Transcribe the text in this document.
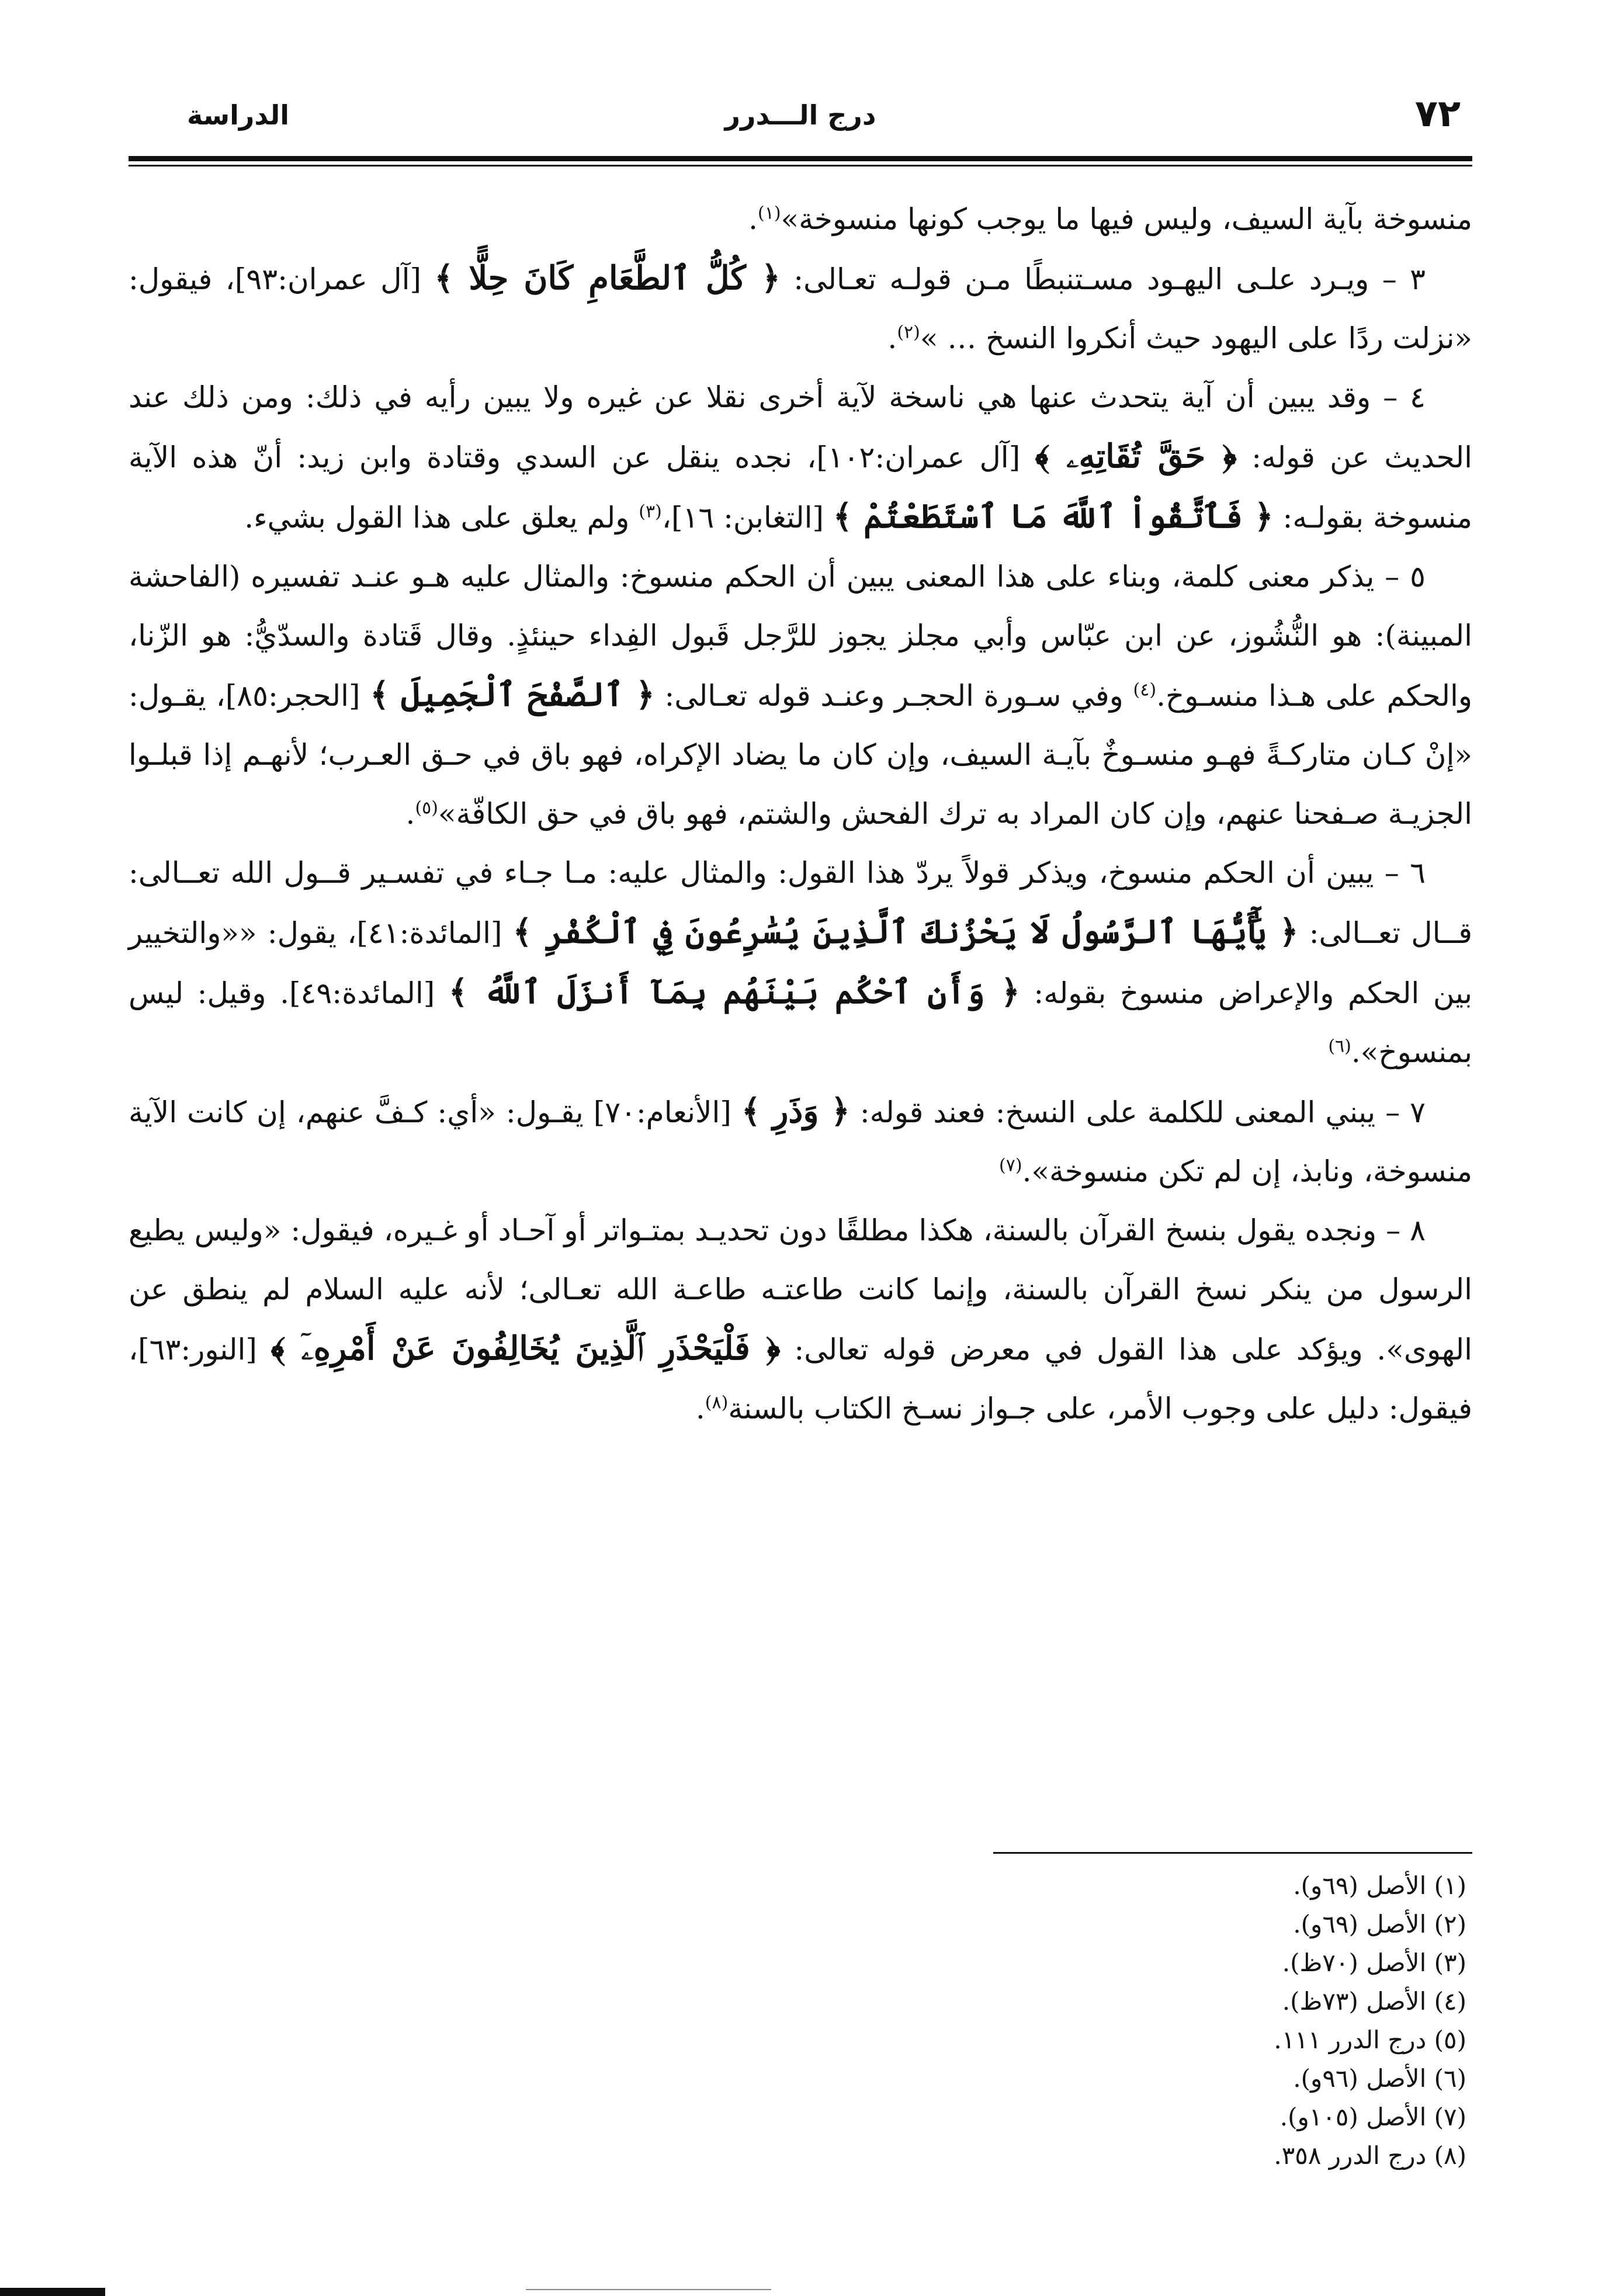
٧٢
درج الـــدرر
الدراسة

منسوخة بآية السيف، وليس فيها ما يوجب كونها منسوخة»$^{(١)}$.

٣ – ويـرد علـى اليهـود مسـتنبطًا مـن قولـه تعـالى: ﴿ كُلُّ ٱلطَّعَامِ كَانَ حِلًّا ﴾ [آل عمران:٩٣]، فيقول: «نزلت ردًا على اليهود حيث أنكروا النسخ … »$^{(٢)}$.

٤ – وقد يبين أن آية يتحدث عنها هي ناسخة لآية أخرى نقلا عن غيره ولا يبين رأيه في ذلك: ومن ذلك عند الحديث عن قوله: ﴿ حَقَّ تُقَاتِهِۦ ﴾ [آل عمران:١٠٢]، نجده ينقل عن السدي وقتادة وابن زيد: أنّ هذه الآية منسوخة بقولـه: ﴿ فَٱتَّقُواْ ٱللَّهَ مَا ٱسْتَطَعْتُمْ ﴾ [التغابن: ١٦]،$^{(٣)}$ ولم يعلق على هذا القول بشيء.

٥ – يذكر معنى كلمة، وبناء على هذا المعنى يبين أن الحكم منسوخ: والمثال عليه هـو عنـد تفسيره (الفاحشة المبينة): هو النُّشُوز، عن ابن عبّاس وأبي مجلز يجوز للرَّجل قَبول الفِداء حينئذٍ. وقال قَتادة والسدّيُّ: هو الزّنا، والحكم على هـذا منسـوخ.$^{(٤)}$ وفي سـورة الحجـر وعنـد قوله تعـالى: ﴿ ٱلصَّفْحَ ٱلْجَمِيلَ ﴾ [الحجر:٨٥]، يقـول: «إنْ كـان متاركـةً فهـو منسـوخٌ بآيـة السيف، وإن كان ما يضاد الإكراه، فهو باق في حـق العـرب؛ لأنهـم إذا قبلـوا الجزيـة صـفحنا عنهم، وإن كان المراد به ترك الفحش والشتم، فهو باق في حق الكافّة»$^{(٥)}$.

٦ – يبين أن الحكم منسوخ، ويذكر قولاً يردّ هذا القول: والمثال عليه: مـا جـاء في تفسـير قــول الله تعــالى: قــال تعــالى: ﴿ يَٰٓأَيُّهَا ٱلرَّسُولُ لَا يَحْزُنكَ ٱلَّذِينَ يُسَٰرِعُونَ فِي ٱلْكُفْرِ ﴾ [المائدة:٤١]، يقول: ««والتخيير بين الحكم والإعراض منسوخ بقوله: ﴿ وَأَنِ ٱحْكُم بَيْنَهُم بِمَآ أَنزَلَ ٱللَّهُ ﴾ [المائدة:٤٩]. وقيل: ليس بمنسوخ».$^{(٦)}$

٧ – يبني المعنى للكلمة على النسخ: فعند قوله: ﴿ وَذَرِ ﴾ [الأنعام:٧٠] يقـول: «أي: كـفَّ عنهم، إن كانت الآية منسوخة، ونابذ، إن لم تكن منسوخة».$^{(٧)}$

٨ – ونجده يقول بنسخ القرآن بالسنة، هكذا مطلقًا دون تحديـد بمتـواتر أو آحـاد أو غـيره، فيقول: «وليس يطيع الرسول من ينكر نسخ القرآن بالسنة، وإنما كانت طاعتـه طاعـة الله تعـالى؛ لأنه عليه السلام لم ينطق عن الهوى». ويؤكد على هذا القول في معرض قوله تعالى: ﴿ فَلْيَحْذَرِ ٱلَّذِينَ يُخَالِفُونَ عَنْ أَمْرِهِۦٓ ﴾ [النور:٦٣]، فيقول: دليل على وجوب الأمر، على جـواز نسـخ الكتاب بالسنة$^{(٨)}$.

(١) الأصل (٦٩و).

(٢) الأصل (٦٩و).

(٣) الأصل (٧٠ظ).

(٤) الأصل (٧٣ظ).

(٥) درج الدرر ١١١.

(٦) الأصل (٩٦و).

(٧) الأصل (١٠٥و).

(٨) درج الدرر ٣٥٨.
